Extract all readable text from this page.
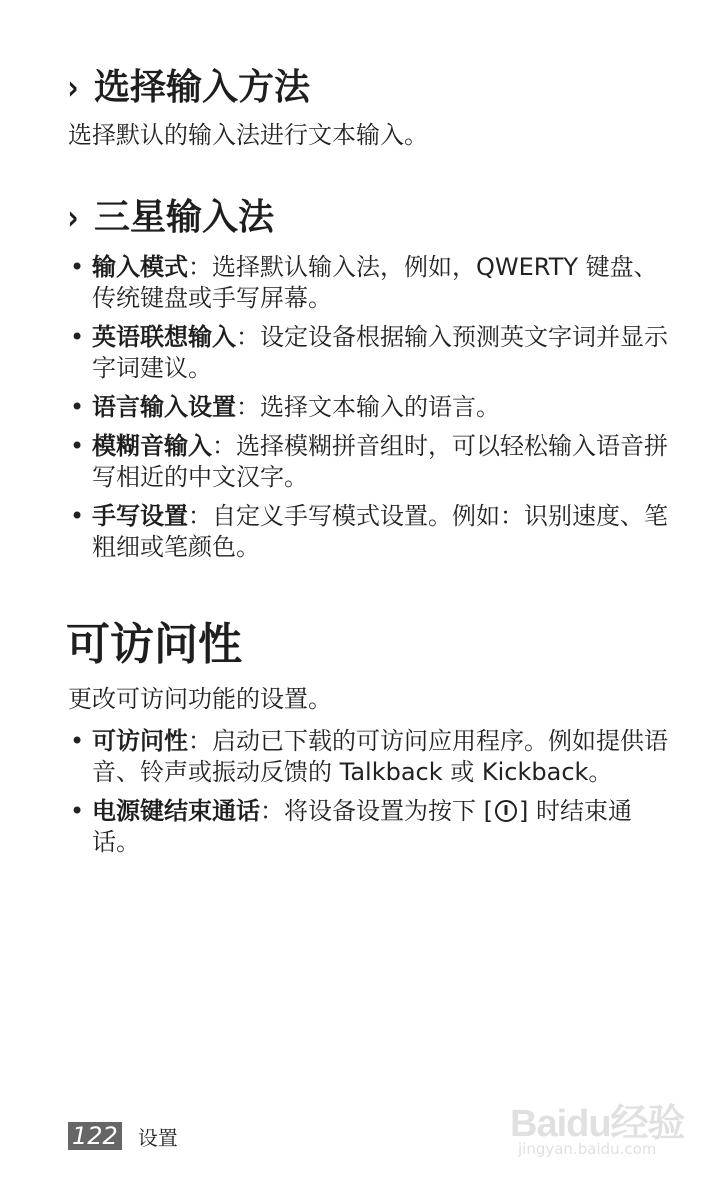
› 选择输入方法
选择默认的输入法进行文本输入。
› 三星输入法
• 输入模式：选择默认输入法，例如，QWERTY 键盘、传统键盘或手写屏幕。
• 英语联想输入：设定设备根据输入预测英文字词并显示字词建议。
• 语言输入设置：选择文本输入的语言。
• 模糊音输入：选择模糊拼音组时，可以轻松输入语音拼写相近的中文汉字。
• 手写设置：自定义手写模式设置。例如：识别速度、笔粗细或笔颜色。
可访问性
更改可访问功能的设置。
• 可访问性：启动已下载的可访问应用程序。例如提供语音、铃声或振动反馈的 Talkback 或 Kickback。
• 电源键结束通话：将设备设置为按下 [ ] 时结束通话。
122 设置	Baidu经验
jingyan.baidu.com
